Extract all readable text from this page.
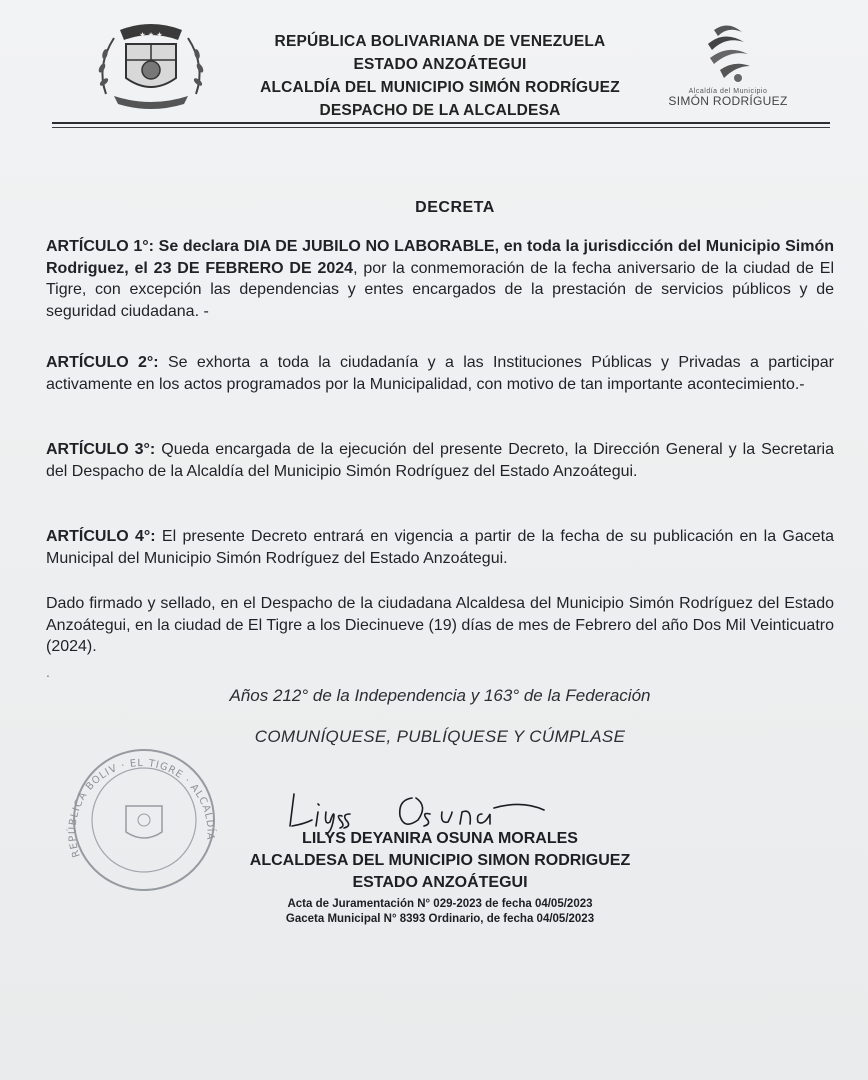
★ ★ ★	REPÚBLICA BOLIVARIANA DE VENEZUELA
ESTADO ANZOÁTEGUI
ALCALDÍA DEL MUNICIPIO SIMÓN RODRÍGUEZ
DESPACHO DE LA ALCALDESA
Alcaldía del Municipio
SIMÓN RODRÍGUEZ
DECRETA
ARTÍCULO 1°: Se declara DIA DE JUBILO NO LABORABLE, en toda la jurisdicción del Municipio Simón Rodriguez, el 23 DE FEBRERO DE 2024, por la conmemoración de la fecha aniversario de la ciudad de El Tigre, con excepción las dependencias y entes encargados de la prestación de servicios públicos y de seguridad ciudadana. -
ARTÍCULO 2°: Se exhorta a toda la ciudadanía y a las Instituciones Públicas y Privadas a participar activamente en los actos programados por la Municipalidad, con motivo de tan importante acontecimiento.-
ARTÍCULO 3°: Queda encargada de la ejecución del presente Decreto, la Dirección General y la Secretaria del Despacho de la Alcaldía del Municipio Simón Rodríguez del Estado Anzoátegui.
ARTÍCULO 4°: El presente Decreto entrará en vigencia a partir de la fecha de su publicación en la Gaceta Municipal del Municipio Simón Rodríguez del Estado Anzoátegui.
Dado firmado y sellado, en el Despacho de la ciudadana Alcaldesa del Municipio Simón Rodríguez del Estado Anzoátegui, en la ciudad de El Tigre a los Diecinueve (19) días de mes de Febrero del año Dos Mil Veinticuatro (2024).
.
Años 212° de la Independencia y 163° de la Federación
COMUNÍQUESE, PUBLÍQUESE Y CÚMPLASE
REPÚBLICA BOLIV · EL TIGRE · ALCALDÍA	LILYS DEYANIRA OSUNA MORALES
ALCALDESA DEL MUNICIPIO SIMON RODRIGUEZ
ESTADO ANZOÁTEGUI
Acta de Juramentación N° 029-2023 de fecha 04/05/2023
Gaceta Municipal N° 8393 Ordinario, de fecha 04/05/2023
